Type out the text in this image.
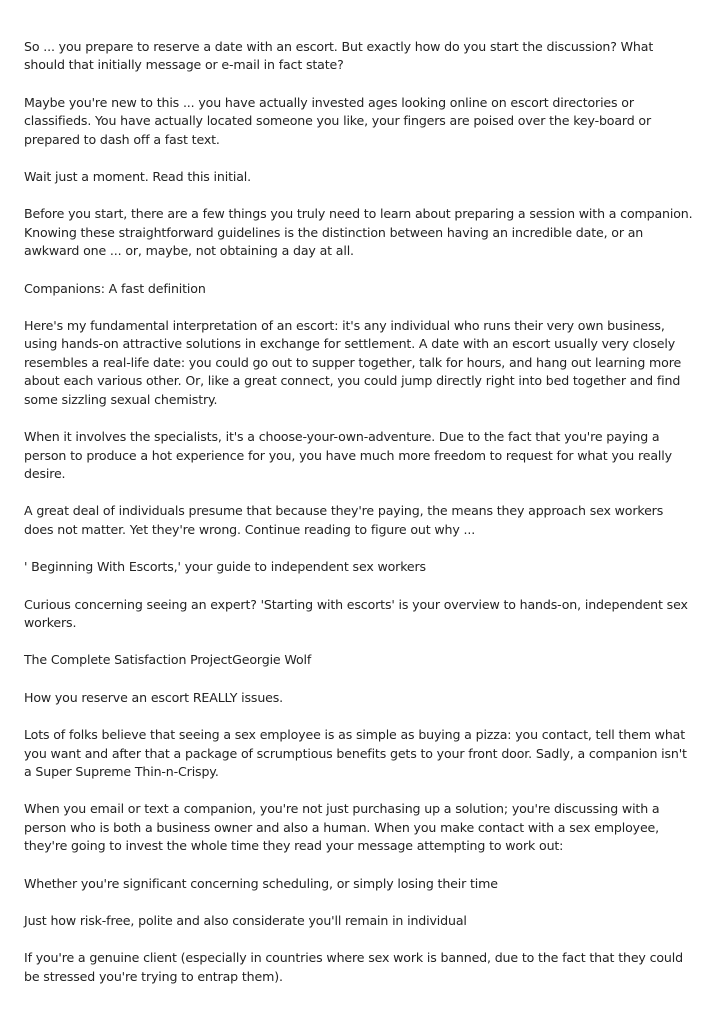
So ... you prepare to reserve a date with an escort. But exactly how do you start the discussion? What should that initially message or e-mail in fact state?

Maybe you're new to this ... you have actually invested ages looking online on escort directories or classifieds. You have actually located someone you like, your fingers are poised over the key-board or prepared to dash off a fast text.

Wait just a moment. Read this initial.

Before you start, there are a few things you truly need to learn about preparing a session with a companion. Knowing these straightforward guidelines is the distinction between having an incredible date, or an awkward one ... or, maybe, not obtaining a day at all.

Companions: A fast definition

Here's my fundamental interpretation of an escort: it's any individual who runs their very own business, using hands-on attractive solutions in exchange for settlement. A date with an escort usually very closely resembles a real-life date: you could go out to supper together, talk for hours, and hang out learning more about each various other. Or, like a great connect, you could jump directly right into bed together and find some sizzling sexual chemistry.

When it involves the specialists, it's a choose-your-own-adventure. Due to the fact that you're paying a person to produce a hot experience for you, you have much more freedom to request for what you really desire.

A great deal of individuals presume that because they're paying, the means they approach sex workers does not matter. Yet they're wrong. Continue reading to figure out why ...

' Beginning With Escorts,' your guide to independent sex workers

Curious concerning seeing an expert? 'Starting with escorts' is your overview to hands-on, independent sex workers.

The Complete Satisfaction ProjectGeorgie Wolf

How you reserve an escort REALLY issues.

Lots of folks believe that seeing a sex employee is as simple as buying a pizza: you contact, tell them what you want and after that a package of scrumptious benefits gets to your front door. Sadly, a companion isn't a Super Supreme Thin-n-Crispy.

When you email or text a companion, you're not just purchasing up a solution; you're discussing with a person who is both a business owner and also a human. When you make contact with a sex employee, they're going to invest the whole time they read your message attempting to work out:

Whether you're significant concerning scheduling, or simply losing their time

Just how risk-free, polite and also considerate you'll remain in individual

If you're a genuine client (especially in countries where sex work is banned, due to the fact that they could be stressed you're trying to entrap them).
